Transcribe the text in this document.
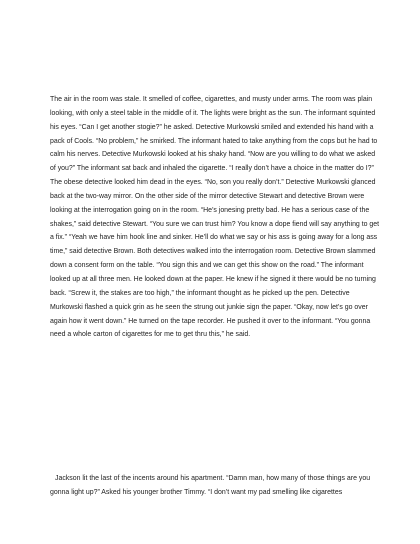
The air in the room was stale. It smelled of coffee, cigarettes, and musty under arms. The room was plain looking, with only a steel table in the middle of it. The lights were bright as the sun. The informant squinted his eyes. “Can I get another stogie?” he asked. Detective Murkowski smiled and extended his hand with a pack of Cools. “No problem,” he smirked. The informant hated to take anything from the cops but he had to calm his nerves. Detective Murkowski looked at his shaky hand. “Now are you willing to do what we asked of you?” The informant sat back and inhaled the cigarette. “I really don’t have a choice in the matter do I?” The obese detective looked him dead in the eyes. “No, son you really don’t.” Detective Murkowski glanced back at the two-way mirror. On the other side of the mirror detective Stewart and detective Brown were looking at the interrogation going on in the room. “He’s jonesing pretty bad. He has a serious case of the shakes,” said detective Stewart. “You sure we can trust him? You know a dope fiend will say anything to get a fix.” “Yeah we have him hook line and sinker. He’ll do what we say or his ass is going away for a long ass time,” said detective Brown. Both detectives walked into the interrogation room. Detective Brown slammed down a consent form on the table. “You sign this and we can get this show on the road.” The informant looked up at all three men. He looked down at the paper. He knew if he signed it there would be no turning back. “Screw it, the stakes are too high,” the informant thought as he picked up the pen. Detective Murkowski flashed a quick grin as he seen the strung out junkie sign the paper. “Okay, now let’s go over again how it went down.” He turned on the tape recorder. He pushed it over to the informant. “You gonna need a whole carton of cigarettes for me to get thru this,” he said.

Jackson lit the last of the incents around his apartment. “Damn man, how many of those things are you gonna light up?” Asked his younger brother Timmy. “I don’t want my pad smelling like cigarettes
